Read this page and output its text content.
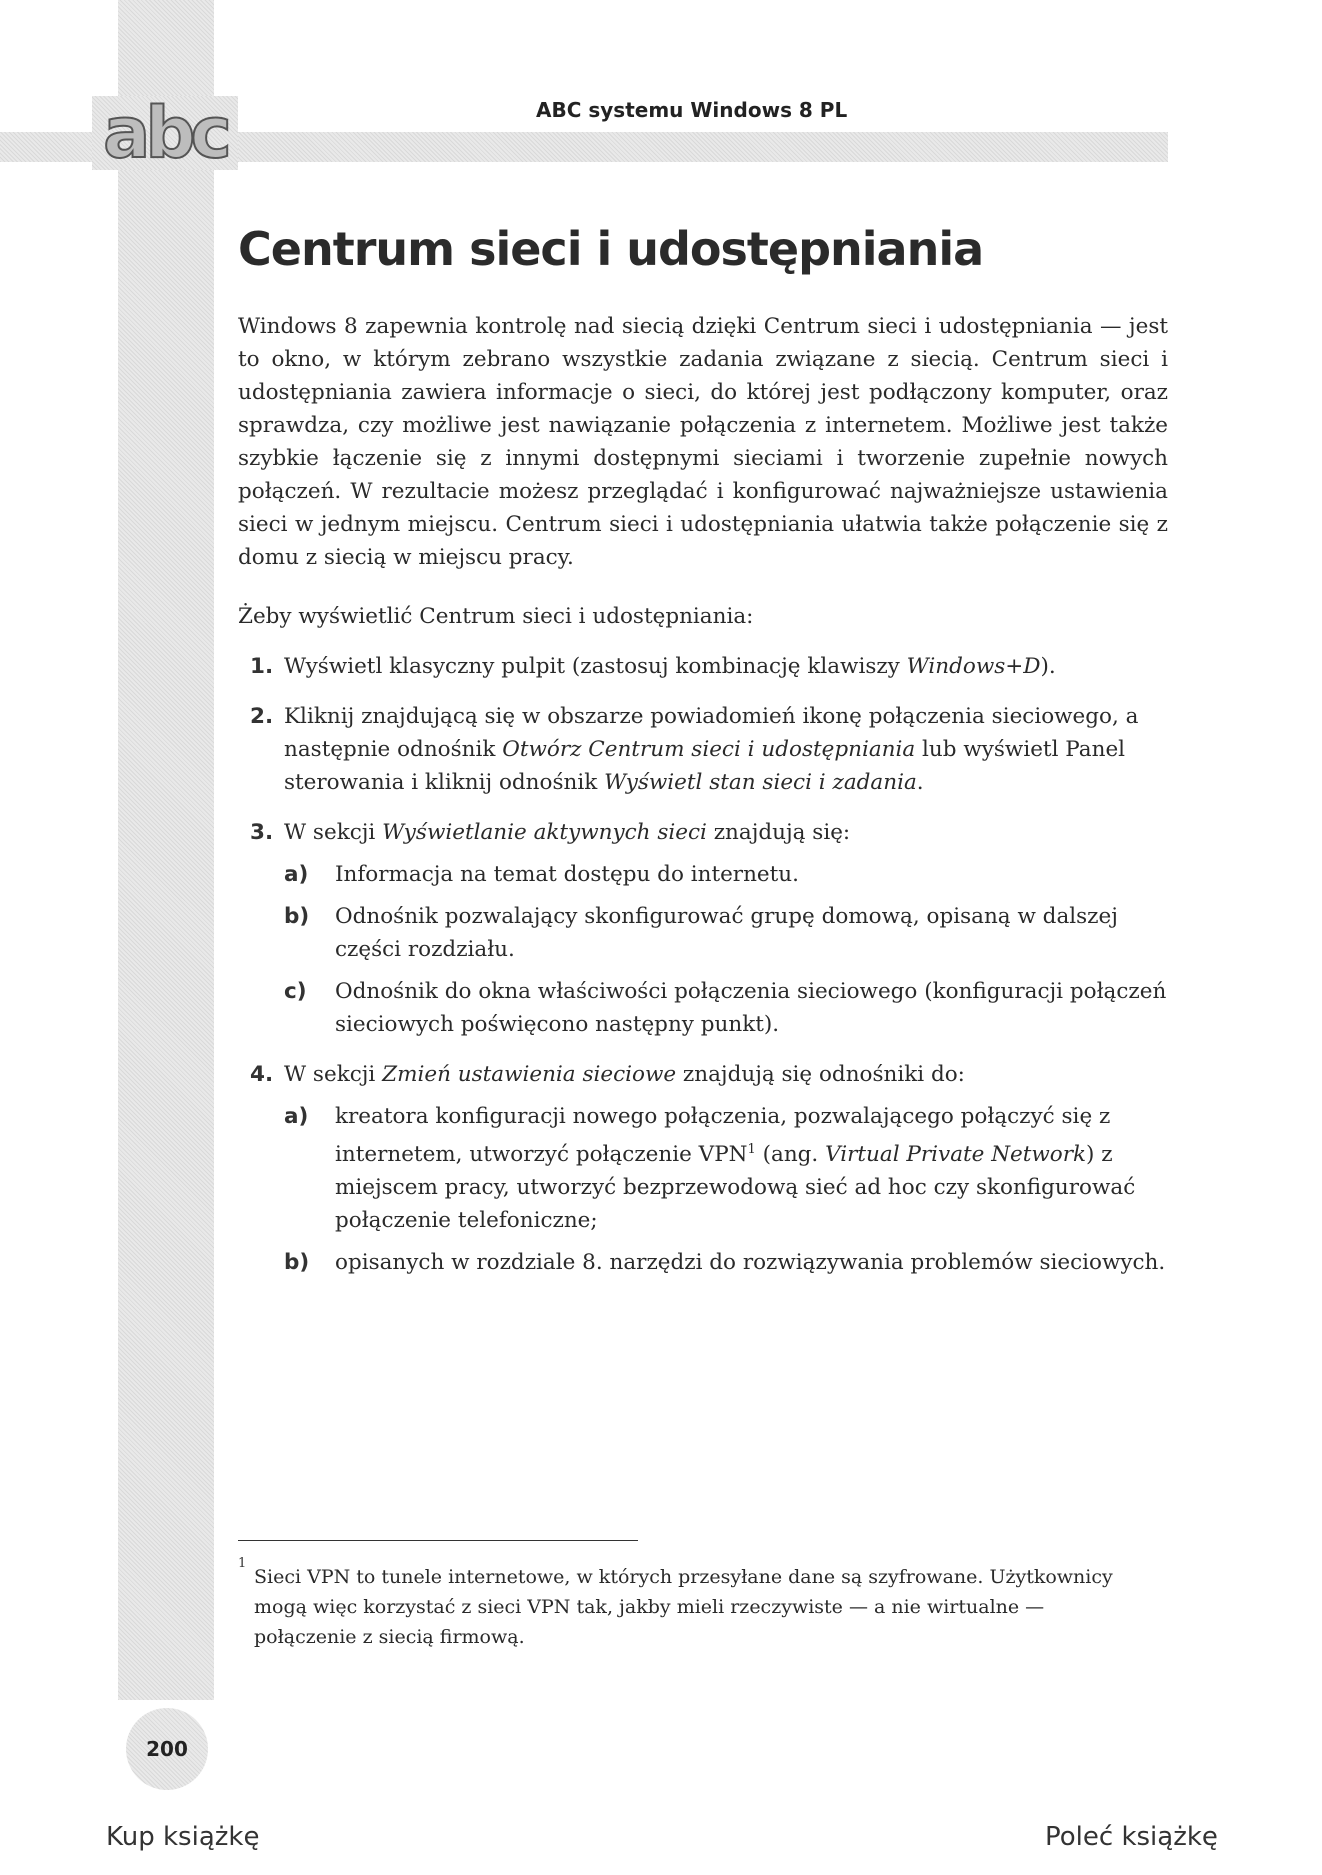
abc	ABC systemu Windows 8 PL
Centrum sieci i udostępniania

Windows 8 zapewnia kontrolę nad siecią dzięki Centrum sieci i udostępniania — jest to okno, w którym zebrano wszystkie zadania związane z siecią. Centrum sieci i udostępniania zawiera informacje o sieci, do której jest podłączony komputer, oraz sprawdza, czy możliwe jest nawiązanie połączenia z internetem. Możliwe jest także szybkie łączenie się z innymi dostępnymi sieciami i tworzenie zupełnie nowych połączeń. W rezultacie możesz przeglądać i konfigurować najważniejsze ustawienia sieci w jednym miejscu. Centrum sieci i udostępniania ułatwia także połączenie się z domu z siecią w miejscu pracy.

Żeby wyświetlić Centrum sieci i udostępniania:

1. Wyświetl klasyczny pulpit (zastosuj kombinację klawiszy Windows+D).
2. Kliknij znajdującą się w obszarze powiadomień ikonę połączenia sieciowego, a następnie odnośnik Otwórz Centrum sieci i udostępniania lub wyświetl Panel sterowania i kliknij odnośnik Wyświetl stan sieci i zadania.
3. W sekcji Wyświetlanie aktywnych sieci znajdują się:
a) Informacja na temat dostępu do internetu.
b) Odnośnik pozwalający skonfigurować grupę domową, opisaną w dalszej części rozdziału.
c) Odnośnik do okna właściwości połączenia sieciowego (konfiguracji połączeń sieciowych poświęcono następny punkt).
4. W sekcji Zmień ustawienia sieciowe znajdują się odnośniki do:
a) kreatora konfiguracji nowego połączenia, pozwalającego połączyć się z internetem, utworzyć połączenie VPN$^1$ (ang. Virtual Private Network) z miejscem pracy, utworzyć bezprzewodową sieć ad hoc czy skonfigurować połączenie telefoniczne;
b) opisanych w rozdziale 8. narzędzi do rozwiązywania problemów sieciowych.
1

Sieci VPN to tunele internetowe, w których przesyłane dane są szyfrowane. Użytkownicy mogą więc korzystać z sieci VPN tak, jakby mieli rzeczywiste — a nie wirtualne — połączenie z siecią firmową.

200
Kup książkę	Poleć książkę
